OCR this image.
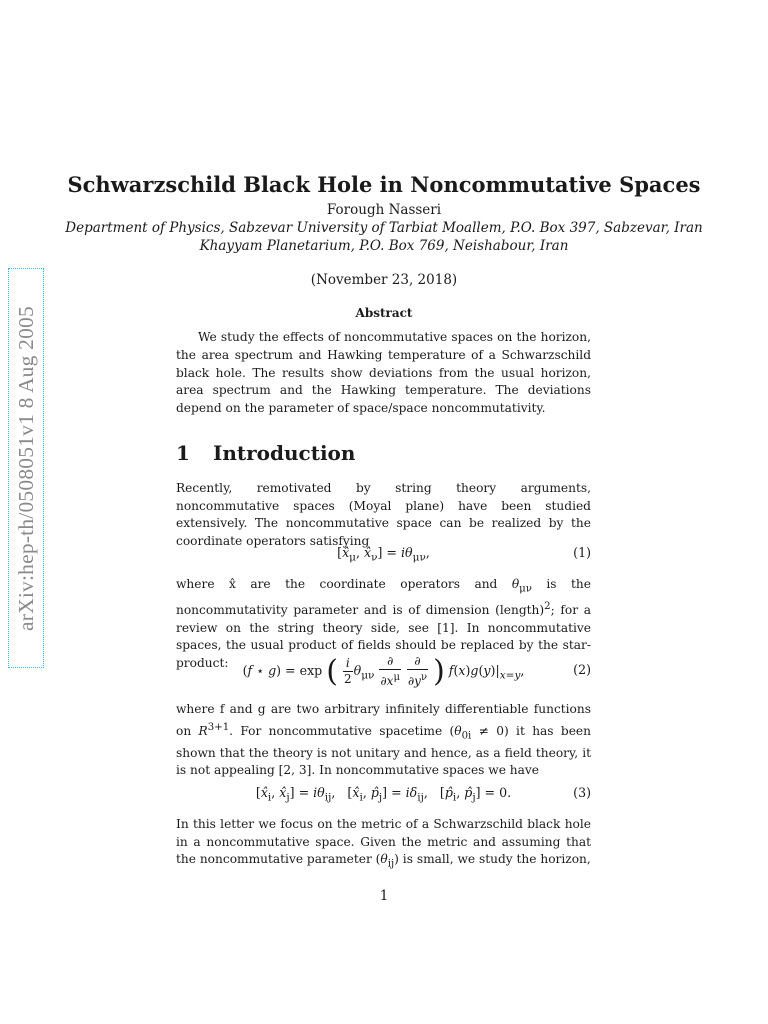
arXiv:hep-th/0508051v1 8 Aug 2005
Schwarzschild Black Hole in Noncommutative Spaces
Forough Nasseri
Department of Physics, Sabzevar University of Tarbiat Moallem, P.O. Box 397, Sabzevar, Iran
Khayyam Planetarium, P.O. Box 769, Neishabour, Iran
(November 23, 2018)
Abstract
We study the effects of noncommutative spaces on the horizon, the area spectrum and Hawking temperature of a Schwarzschild black hole. The results show deviations from the usual horizon, area spectrum and the Hawking temperature. The deviations depend on the parameter of space/space noncommutativity.
1 Introduction
Recently, remotivated by string theory arguments, noncommutative spaces (Moyal plane) have been studied extensively. The noncommutative space can be realized by the coordinate operators satisfying
[$x̂_\mu$, $x̂_\nu] = i\theta_{\mu\nu}$,	(1)
where x̂ are the coordinate operators and $\theta_{\mu\nu}$ is the noncommutativity parameter and is of dimension (length)$^2$; for a review on the string theory side, see [1]. In noncommutative spaces, the usual product of fields should be replaced by the star-product:
(f ⋆ g) = exp ( $\frac{i}{2} \theta_{\mu\nu} \frac{\partial}{\partial x^\mu}$
$\frac{\partial}{\partial y^\nu}$ ) $f(x)g(y)|_{x=y}$,	(2)
where f and g are two arbitrary infinitely differentiable functions on $R^{3+1}$. For noncommutative spacetime $(\theta_{0i} \ne 0)$ it has been shown that the theory is not unitary and hence, as a field theory, it is not appealing [2, 3]. In noncommutative spaces we have
[$x̂_i$, $x̂_j] = i\theta_{ij}$,   [$x̂_i$, $p̂_j] = i\delta_{ij}$,   [$p̂_i$, $p̂_j] = 0$.	(3)
In this letter we focus on the metric of a Schwarzschild black hole in a noncommutative space. Given the metric and assuming that the noncommutative parameter $(\theta_{ij})$ is small, we study the horizon,
1
